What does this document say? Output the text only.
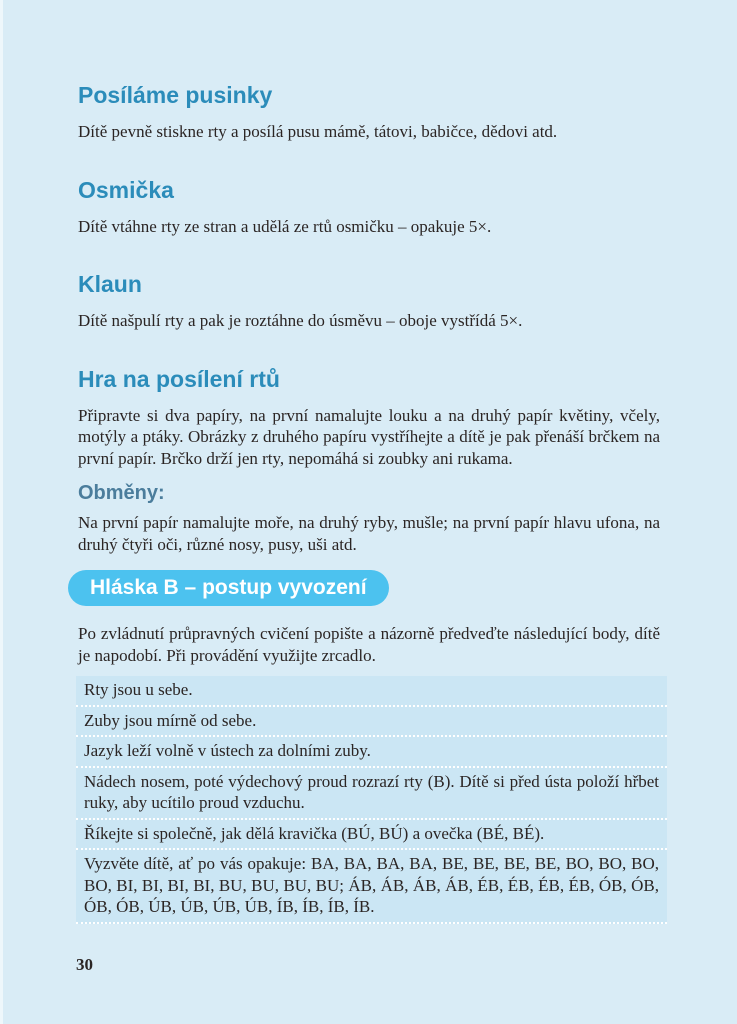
Posíláme pusinky

Dítě pevně stiskne rty a posílá pusu mámě, tátovi, babičce, dědovi atd.

Osmička

Dítě vtáhne rty ze stran a udělá ze rtů osmičku – opakuje 5×.

Klaun

Dítě našpulí rty a pak je roztáhne do úsměvu – oboje vystřídá 5×.

Hra na posílení rtů

Připravte si dva papíry, na první namalujte louku a na druhý papír květiny, včely, motýly a ptáky. Obrázky z druhého papíru vystříhejte a dítě je pak přenáší brčkem na první papír. Brčko drží jen rty, nepomáhá si zoubky ani rukama.

Obměny:

Na první papír namalujte moře, na druhý ryby, mušle; na první papír hlavu ufona, na druhý čtyři oči, různé nosy, pusy, uši atd.

Hláska B – postup vyvození

Po zvládnutí průpravných cvičení popište a názorně předveďte následující body, dítě je napodobí. Při provádění využijte zrcadlo.

Rty jsou u sebe.
Zuby jsou mírně od sebe.
Jazyk leží volně v ústech za dolními zuby.
Nádech nosem, poté výdechový proud rozrazí rty (B). Dítě si před ústa položí hřbet ruky, aby ucítilo proud vzduchu.
Říkejte si společně, jak dělá kravička (BÚ, BÚ) a ovečka (BÉ, BÉ).
Vyzvěte dítě, ať po vás opakuje: BA, BA, BA, BA, BE, BE, BE, BE, BO, BO, BO, BO, BI, BI, BI, BI, BU, BU, BU, BU; ÁB, ÁB, ÁB, ÁB, ÉB, ÉB, ÉB, ÉB, ÓB, ÓB, ÓB, ÓB, ÚB, ÚB, ÚB, ÚB, ÍB, ÍB, ÍB, ÍB.
30
